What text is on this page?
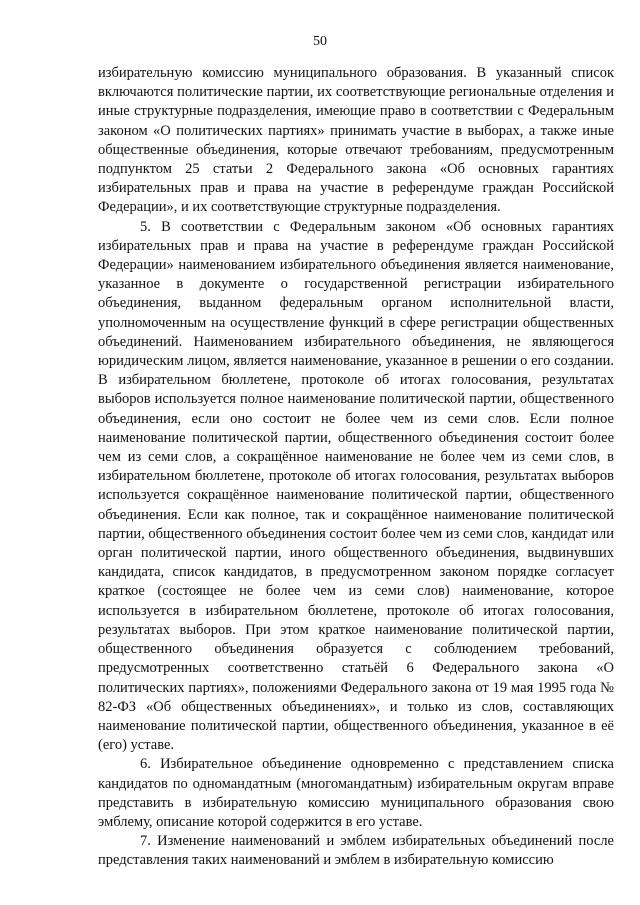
50

избирательную комиссию муниципального образования. В указанный список включаются политические партии, их соответствующие региональные отделения и иные структурные подразделения, имеющие право в соответствии с Федеральным законом «О политических партиях» принимать участие в выборах, а также иные общественные объединения, которые отвечают требованиям, предусмотренным подпунктом 25 статьи 2 Федерального закона «Об основных гарантиях избирательных прав и права на участие в референдуме граждан Российской Федерации», и их соответствующие структурные подразделения.

5. В соответствии с Федеральным законом «Об основных гарантиях избирательных прав и права на участие в референдуме граждан Российской Федерации» наименованием избирательного объединения является наименование, указанное в документе о государственной регистрации избирательного объединения, выданном федеральным органом исполнительной власти, уполномоченным на осуществление функций в сфере регистрации общественных объединений. Наименованием избирательного объединения, не являющегося юридическим лицом, является наименование, указанное в решении о его создании. В избирательном бюллетене, протоколе об итогах голосования, результатах выборов используется полное наименование политической партии, общественного объединения, если оно состоит не более чем из семи слов. Если полное наименование политической партии, общественного объединения состоит более чем из семи слов, а сокращённое наименование не более чем из семи слов, в избирательном бюллетене, протоколе об итогах голосования, результатах выборов используется сокращённое наименование политической партии, общественного объединения. Если как полное, так и сокращённое наименование политической партии, общественного объединения состоит более чем из семи слов, кандидат или орган политической партии, иного общественного объединения, выдвинувших кандидата, список кандидатов, в предусмотренном законом порядке согласует краткое (состоящее не более чем из семи слов) наименование, которое используется в избирательном бюллетене, протоколе об итогах голосования, результатах выборов. При этом краткое наименование политической партии, общественного объединения образуется с соблюдением требований, предусмотренных соответственно статьёй 6 Федерального закона «О политических партиях», положениями Федерального закона от 19 мая 1995 года № 82-ФЗ «Об общественных объединениях», и только из слов, составляющих наименование политической партии, общественного объединения, указанное в её (его) уставе.

6. Избирательное объединение одновременно с представлением списка кандидатов по одномандатным (многомандатным) избирательным округам вправе представить в избирательную комиссию муниципального образования свою эмблему, описание которой содержится в его уставе.

7. Изменение наименований и эмблем избирательных объединений после представления таких наименований и эмблем в избирательную комиссию
